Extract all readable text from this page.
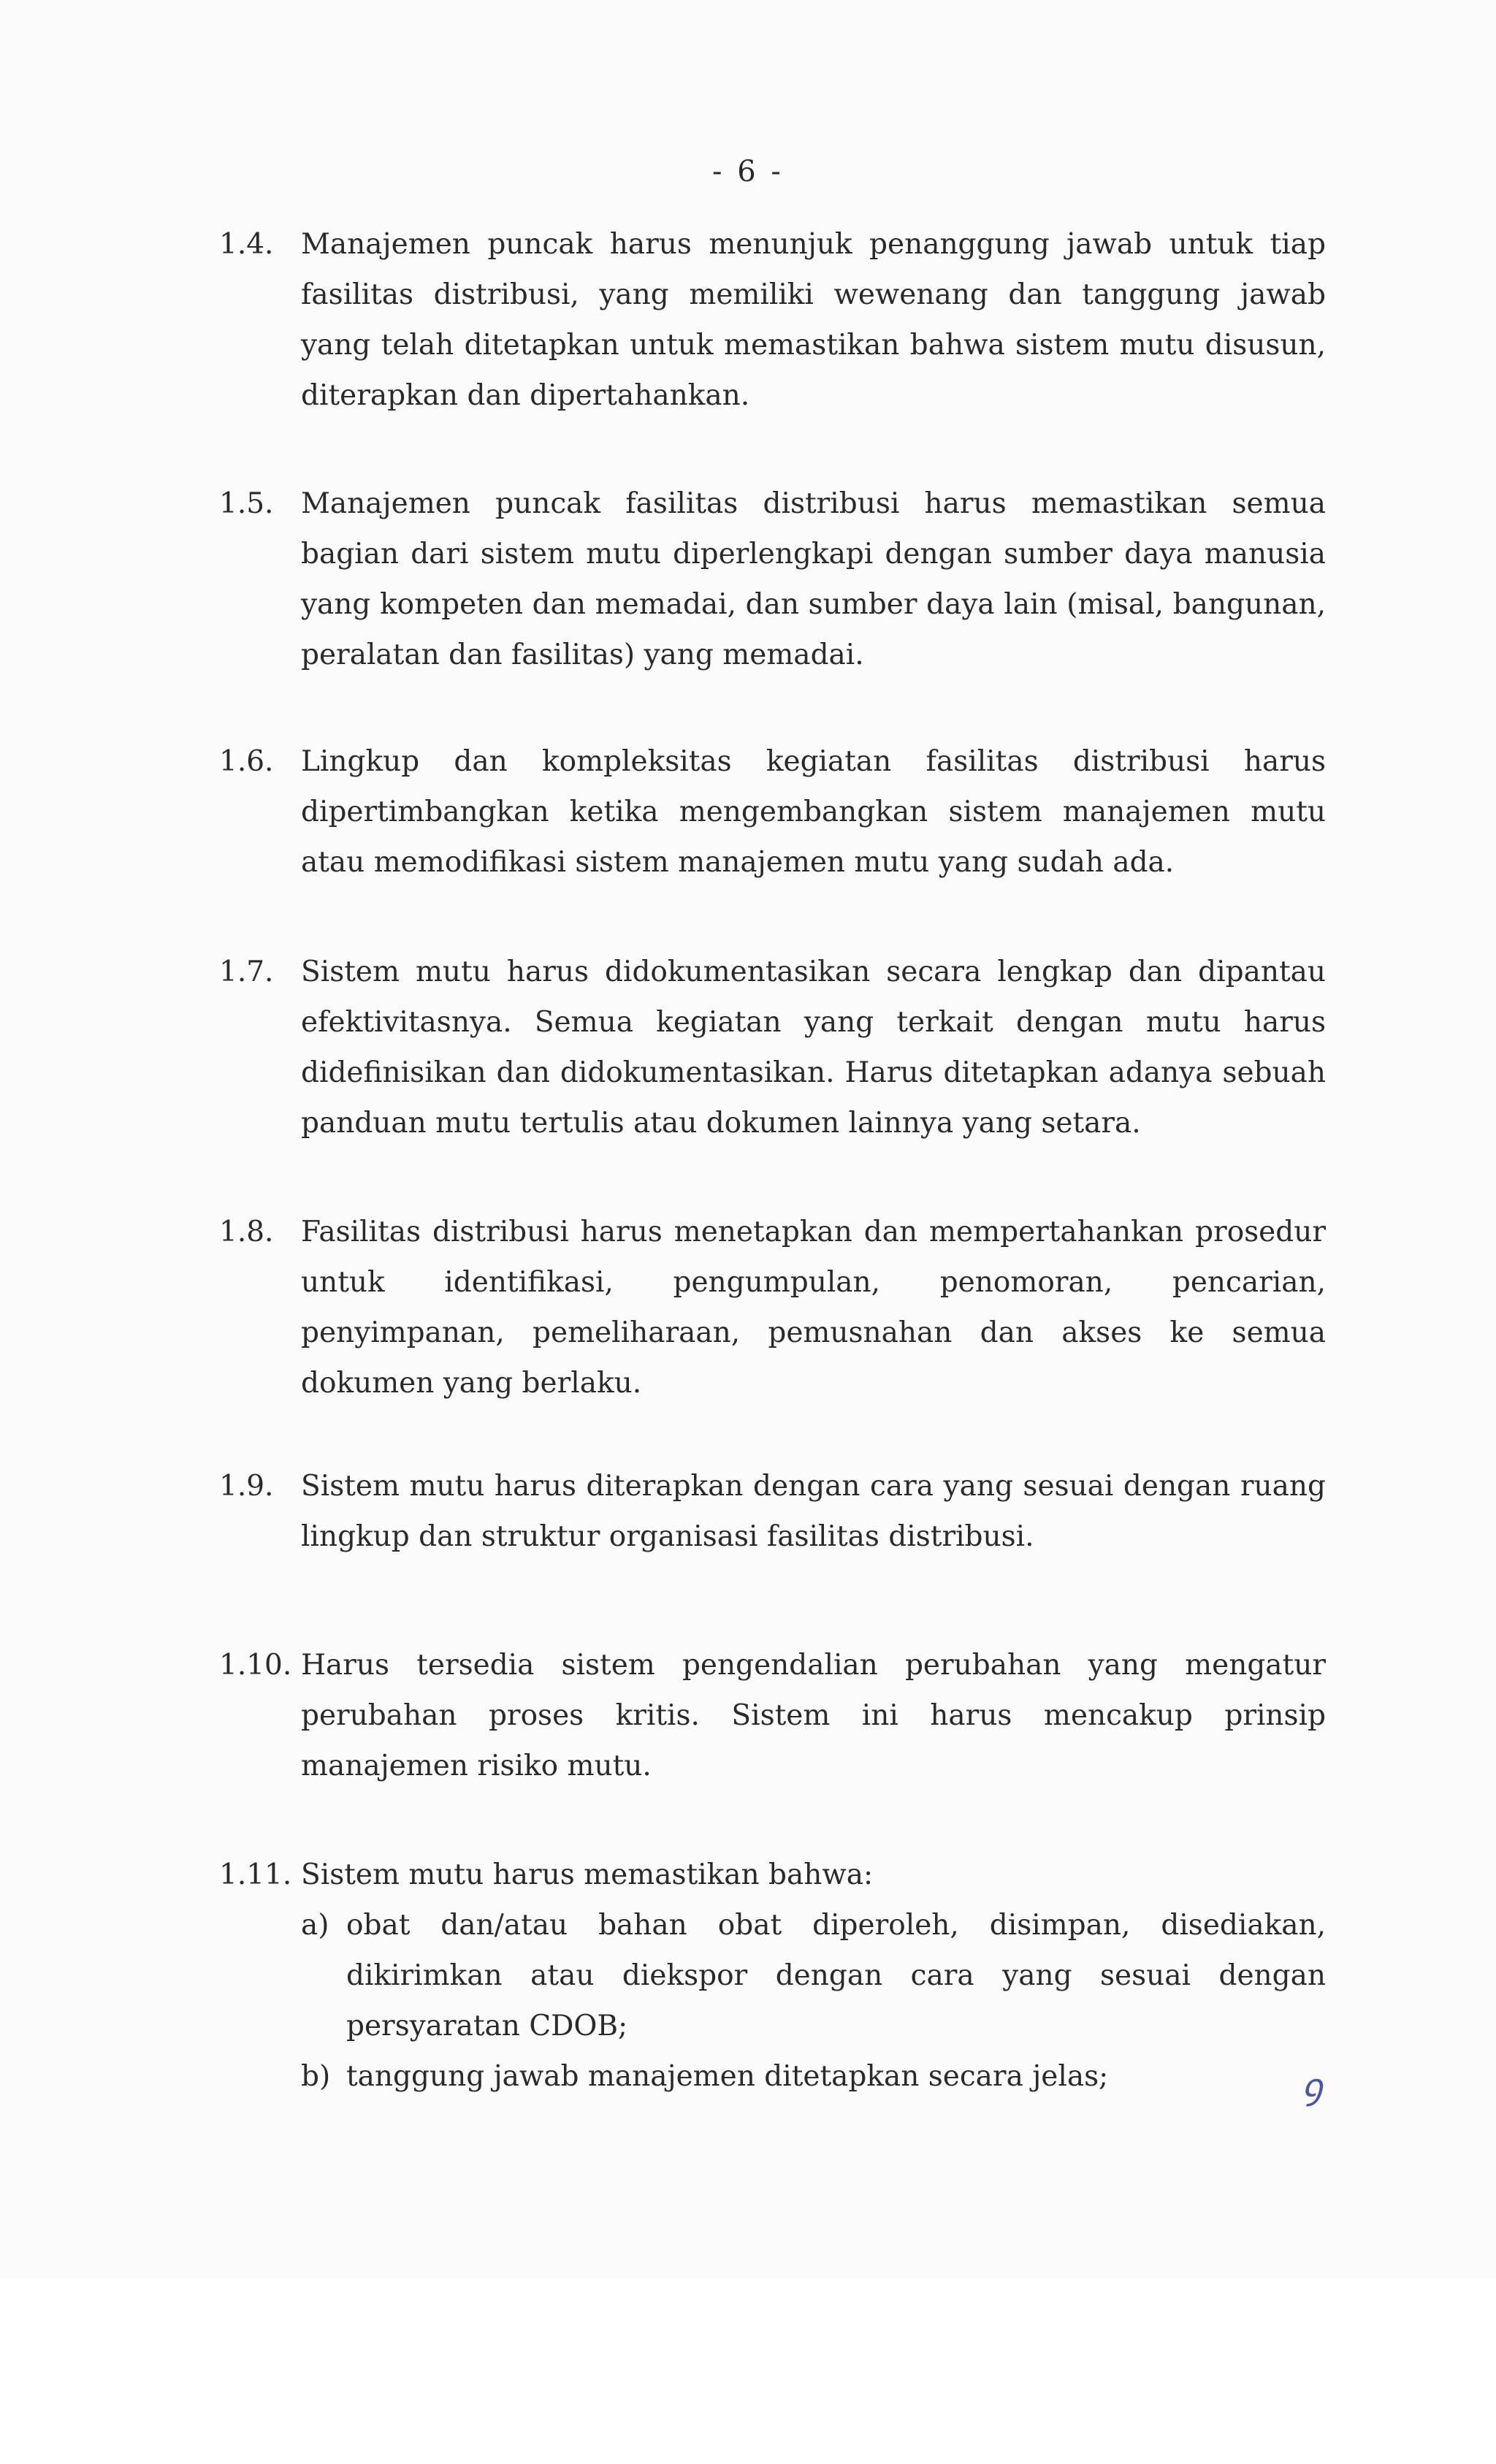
- 6 -
1.4. Manajemen puncak harus menunjuk penanggung jawab untuk tiap fasilitas distribusi, yang memiliki wewenang dan tanggung jawab yang telah ditetapkan untuk memastikan bahwa sistem mutu disusun, diterapkan dan dipertahankan.
1.5. Manajemen puncak fasilitas distribusi harus memastikan semua bagian dari sistem mutu diperlengkapi dengan sumber daya manusia yang kompeten dan memadai, dan sumber daya lain (misal, bangunan, peralatan dan fasilitas) yang memadai.
1.6. Lingkup dan kompleksitas kegiatan fasilitas distribusi harus dipertimbangkan ketika mengembangkan sistem manajemen mutu atau memodifikasi sistem manajemen mutu yang sudah ada.
1.7. Sistem mutu harus didokumentasikan secara lengkap dan dipantau efektivitasnya. Semua kegiatan yang terkait dengan mutu harus didefinisikan dan didokumentasikan. Harus ditetapkan adanya sebuah panduan mutu tertulis atau dokumen lainnya yang setara.
1.8. Fasilitas distribusi harus menetapkan dan mempertahankan prosedur untuk identifikasi, pengumpulan, penomoran, pencarian, penyimpanan, pemeliharaan, pemusnahan dan akses ke semua dokumen yang berlaku.
1.9. Sistem mutu harus diterapkan dengan cara yang sesuai dengan ruang lingkup dan struktur organisasi fasilitas distribusi.
1.10. Harus tersedia sistem pengendalian perubahan yang mengatur perubahan proses kritis. Sistem ini harus mencakup prinsip manajemen risiko mutu.
1.11. Sistem mutu harus memastikan bahwa:
a) obat dan/atau bahan obat diperoleh, disimpan, disediakan, dikirimkan atau diekspor dengan cara yang sesuai dengan persyaratan CDOB;
b) tanggung jawab manajemen ditetapkan secara jelas;	ꝯ
